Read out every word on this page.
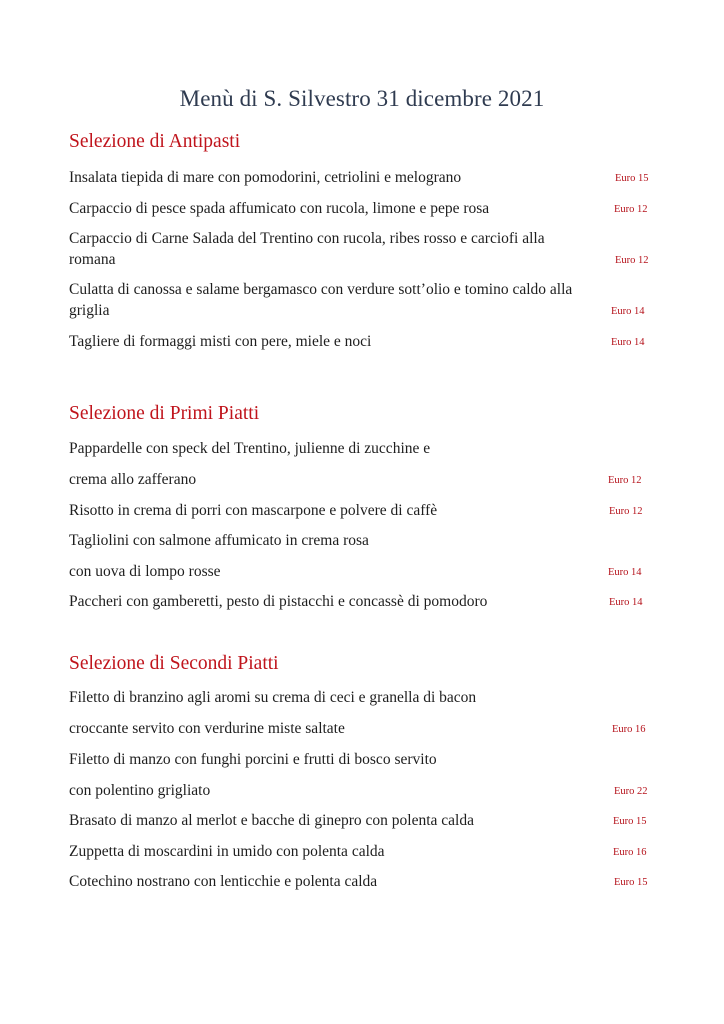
Menù di S. Silvestro 31 dicembre 2021
Selezione di Antipasti
Insalata tiepida di mare con pomodorini, cetriolini e melograno	Euro 15
Carpaccio di pesce spada affumicato con rucola, limone e pepe rosa	Euro 12
Carpaccio di Carne Salada del Trentino con rucola, ribes rosso e carciofi alla
romana	Euro 12
Culatta di canossa e salame bergamasco con verdure sott’olio e tomino caldo alla
griglia	Euro 14
Tagliere di formaggi misti con pere, miele e noci	Euro 14
Selezione di Primi Piatti
Pappardelle con speck del Trentino, julienne di zucchine e
crema allo zafferano	Euro 12
Risotto in crema di porri con mascarpone e polvere di caffè	Euro 12
Tagliolini con salmone affumicato in crema rosa
con uova di lompo rosse	Euro 14
Paccheri con gamberetti, pesto di pistacchi e concassè di pomodoro	Euro 14
Selezione di Secondi Piatti
Filetto di branzino agli aromi su crema di ceci e granella di bacon
croccante servito con verdurine miste saltate	Euro 16
Filetto di manzo con funghi porcini e frutti di bosco servito
con polentino grigliato	Euro 22
Brasato di manzo al merlot e bacche di ginepro con polenta calda	Euro 15
Zuppetta di moscardini in umido con polenta calda	Euro 16
Cotechino nostrano con lenticchie e polenta calda	Euro 15
